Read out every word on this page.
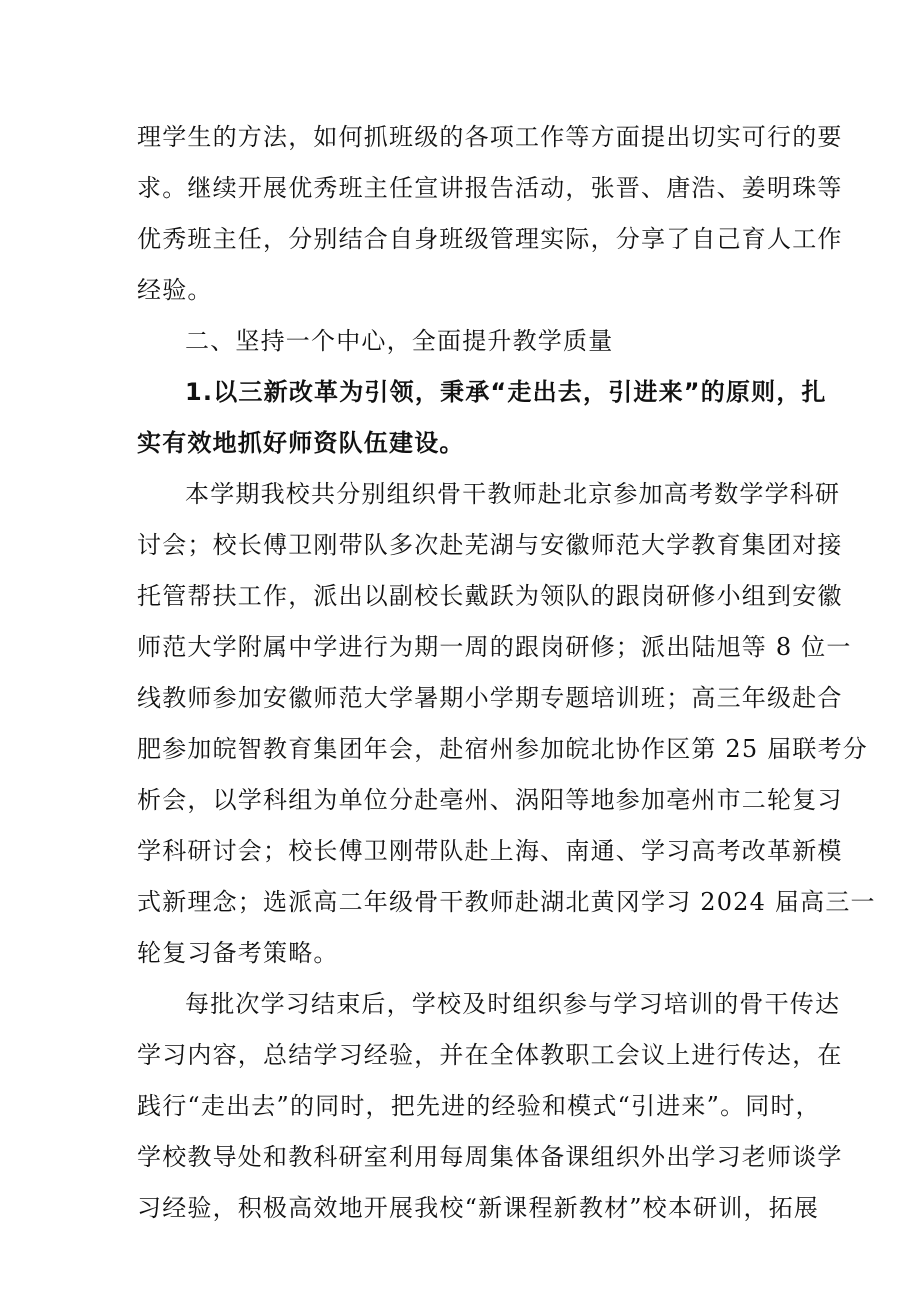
理学生的方法，如何抓班级的各项工作等方面提出切实可行的要
求。继续开展优秀班主任宣讲报告活动，张晋、唐浩、姜明珠等
优秀班主任，分别结合自身班级管理实际，分享了自己育人工作
经验。
二、坚持一个中心，全面提升教学质量
1.以三新改革为引领，秉承“走出去，引进来”的原则，扎
实有效地抓好师资队伍建设。
本学期我校共分别组织骨干教师赴北京参加高考数学学科研
讨会；校长傅卫刚带队多次赴芜湖与安徽师范大学教育集团对接
托管帮扶工作，派出以副校长戴跃为领队的跟岗研修小组到安徽
师范大学附属中学进行为期一周的跟岗研修；派出陆旭等 8 位一
线教师参加安徽师范大学暑期小学期专题培训班；高三年级赴合
肥参加皖智教育集团年会，赴宿州参加皖北协作区第 25 届联考分
析会，以学科组为单位分赴亳州、涡阳等地参加亳州市二轮复习
学科研讨会；校长傅卫刚带队赴上海、南通、学习高考改革新模
式新理念；选派高二年级骨干教师赴湖北黄冈学习 2024 届高三一
轮复习备考策略。
每批次学习结束后，学校及时组织参与学习培训的骨干传达
学习内容，总结学习经验，并在全体教职工会议上进行传达，在
践行“走出去”的同时，把先进的经验和模式“引进来”。同时，
学校教导处和教科研室利用每周集体备课组织外出学习老师谈学
习经验，积极高效地开展我校“新课程新教材”校本研训，拓展
